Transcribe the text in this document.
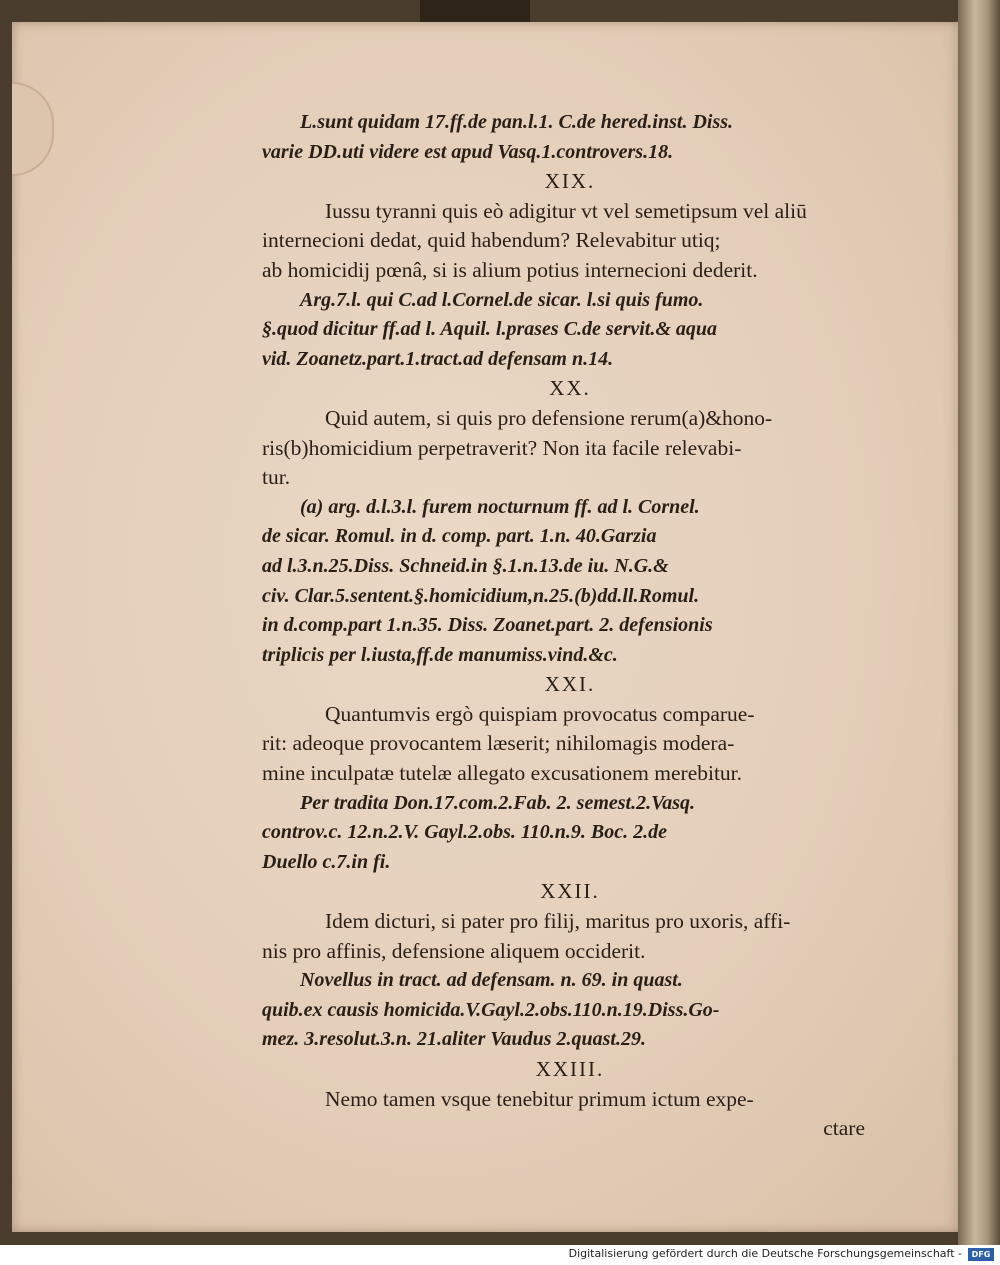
L.sunt quidam 17.ff.de pan.l.1. C.de hered.inst. Diss.
varie DD.uti videre est apud Vasq.1.controvers.18.
XIX.
Iussu tyranni quis eò adigitur vt vel semetipsum vel aliū
internecioni dedat, quid habendum? Relevabitur utiq;
ab homicidij pœnâ, si is alium potius internecioni dederit.
Arg.7.l. qui C.ad l.Cornel.de sicar. l.si quis fumo.
§.quod dicitur ff.ad l. Aquil. l.prases C.de servit.& aqua
vid. Zoanetz.part.1.tract.ad defensam n.14.
XX.
Quid autem, si quis pro defensione rerum(a)&hono-
ris(b)homicidium perpetraverit? Non ita facile relevabi-
tur.
(a) arg. d.l.3.l. furem nocturnum ff. ad l. Cornel.
de sicar. Romul. in d. comp. part. 1.n. 40.Garzia
ad l.3.n.25.Diss. Schneid.in §.1.n.13.de iu. N.G.&
civ. Clar.5.sentent.§.homicidium,n.25.(b)dd.ll.Romul.
in d.comp.part 1.n.35. Diss. Zoanet.part. 2. defensionis
triplicis per l.iusta,ff.de manumiss.vind.&c.
XXI.
Quantumvis ergò quispiam provocatus comparue-
rit: adeoque provocantem læserit; nihilomagis modera-
mine inculpatæ tutelæ allegato excusationem merebitur.
Per tradita Don.17.com.2.Fab. 2. semest.2.Vasq.
controv.c. 12.n.2.V. Gayl.2.obs. 110.n.9. Boc. 2.de
Duello c.7.in fi.
XXII.
Idem dicturi, si pater pro filij, maritus pro uxoris, affi-
nis pro affinis, defensione aliquem occiderit.
Novellus in tract. ad defensam. n. 69. in quast.
quib.ex causis homicida.V.Gayl.2.obs.110.n.19.Diss.Go-
mez. 3.resolut.3.n. 21.aliter Vaudus 2.quast.29.
XXIII.
Nemo tamen vsque tenebitur primum ictum expe-
ctare
Digitalisierung gefördert durch die Deutsche Forschungsgemeinschaft -	DFG
